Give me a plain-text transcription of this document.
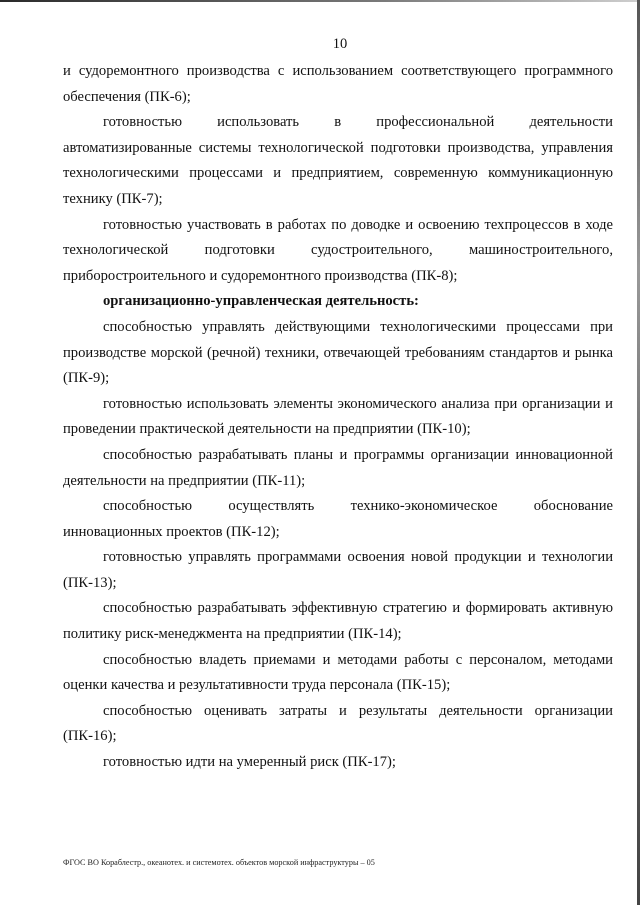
10

и судоремонтного производства с использованием соответствующего программного обеспечения (ПК-6);

готовностью использовать в профессиональной деятельности автоматизированные системы технологической подготовки производства, управления технологическими процессами и предприятием, современную коммуникационную технику (ПК-7);

готовностью участвовать в работах по доводке и освоению техпроцессов в ходе технологической подготовки судостроительного, машиностроительного, приборостроительного и судоремонтного производства (ПК-8);

организационно-управленческая деятельность:

способностью управлять действующими технологическими процессами при производстве морской (речной) техники, отвечающей требованиям стандартов и рынка (ПК-9);

готовностью использовать элементы экономического анализа при организации и проведении практической деятельности на предприятии (ПК-10);

способностью разрабатывать планы и программы организации инновационной деятельности на предприятии (ПК-11);

способностью осуществлять технико-экономическое обоснование инновационных проектов (ПК-12);

готовностью управлять программами освоения новой продукции и технологии (ПК-13);

способностью разрабатывать эффективную стратегию и формировать активную политику риск-менеджмента на предприятии (ПК-14);

способностью владеть приемами и методами работы с персоналом, методами оценки качества и результативности труда персонала (ПК-15);

способностью оценивать затраты и результаты деятельности организации (ПК-16);

готовностью идти на умеренный риск (ПК-17);

ФГОС ВО Кораблестр., океанотех. и системотех. объектов морской инфраструктуры – 05
